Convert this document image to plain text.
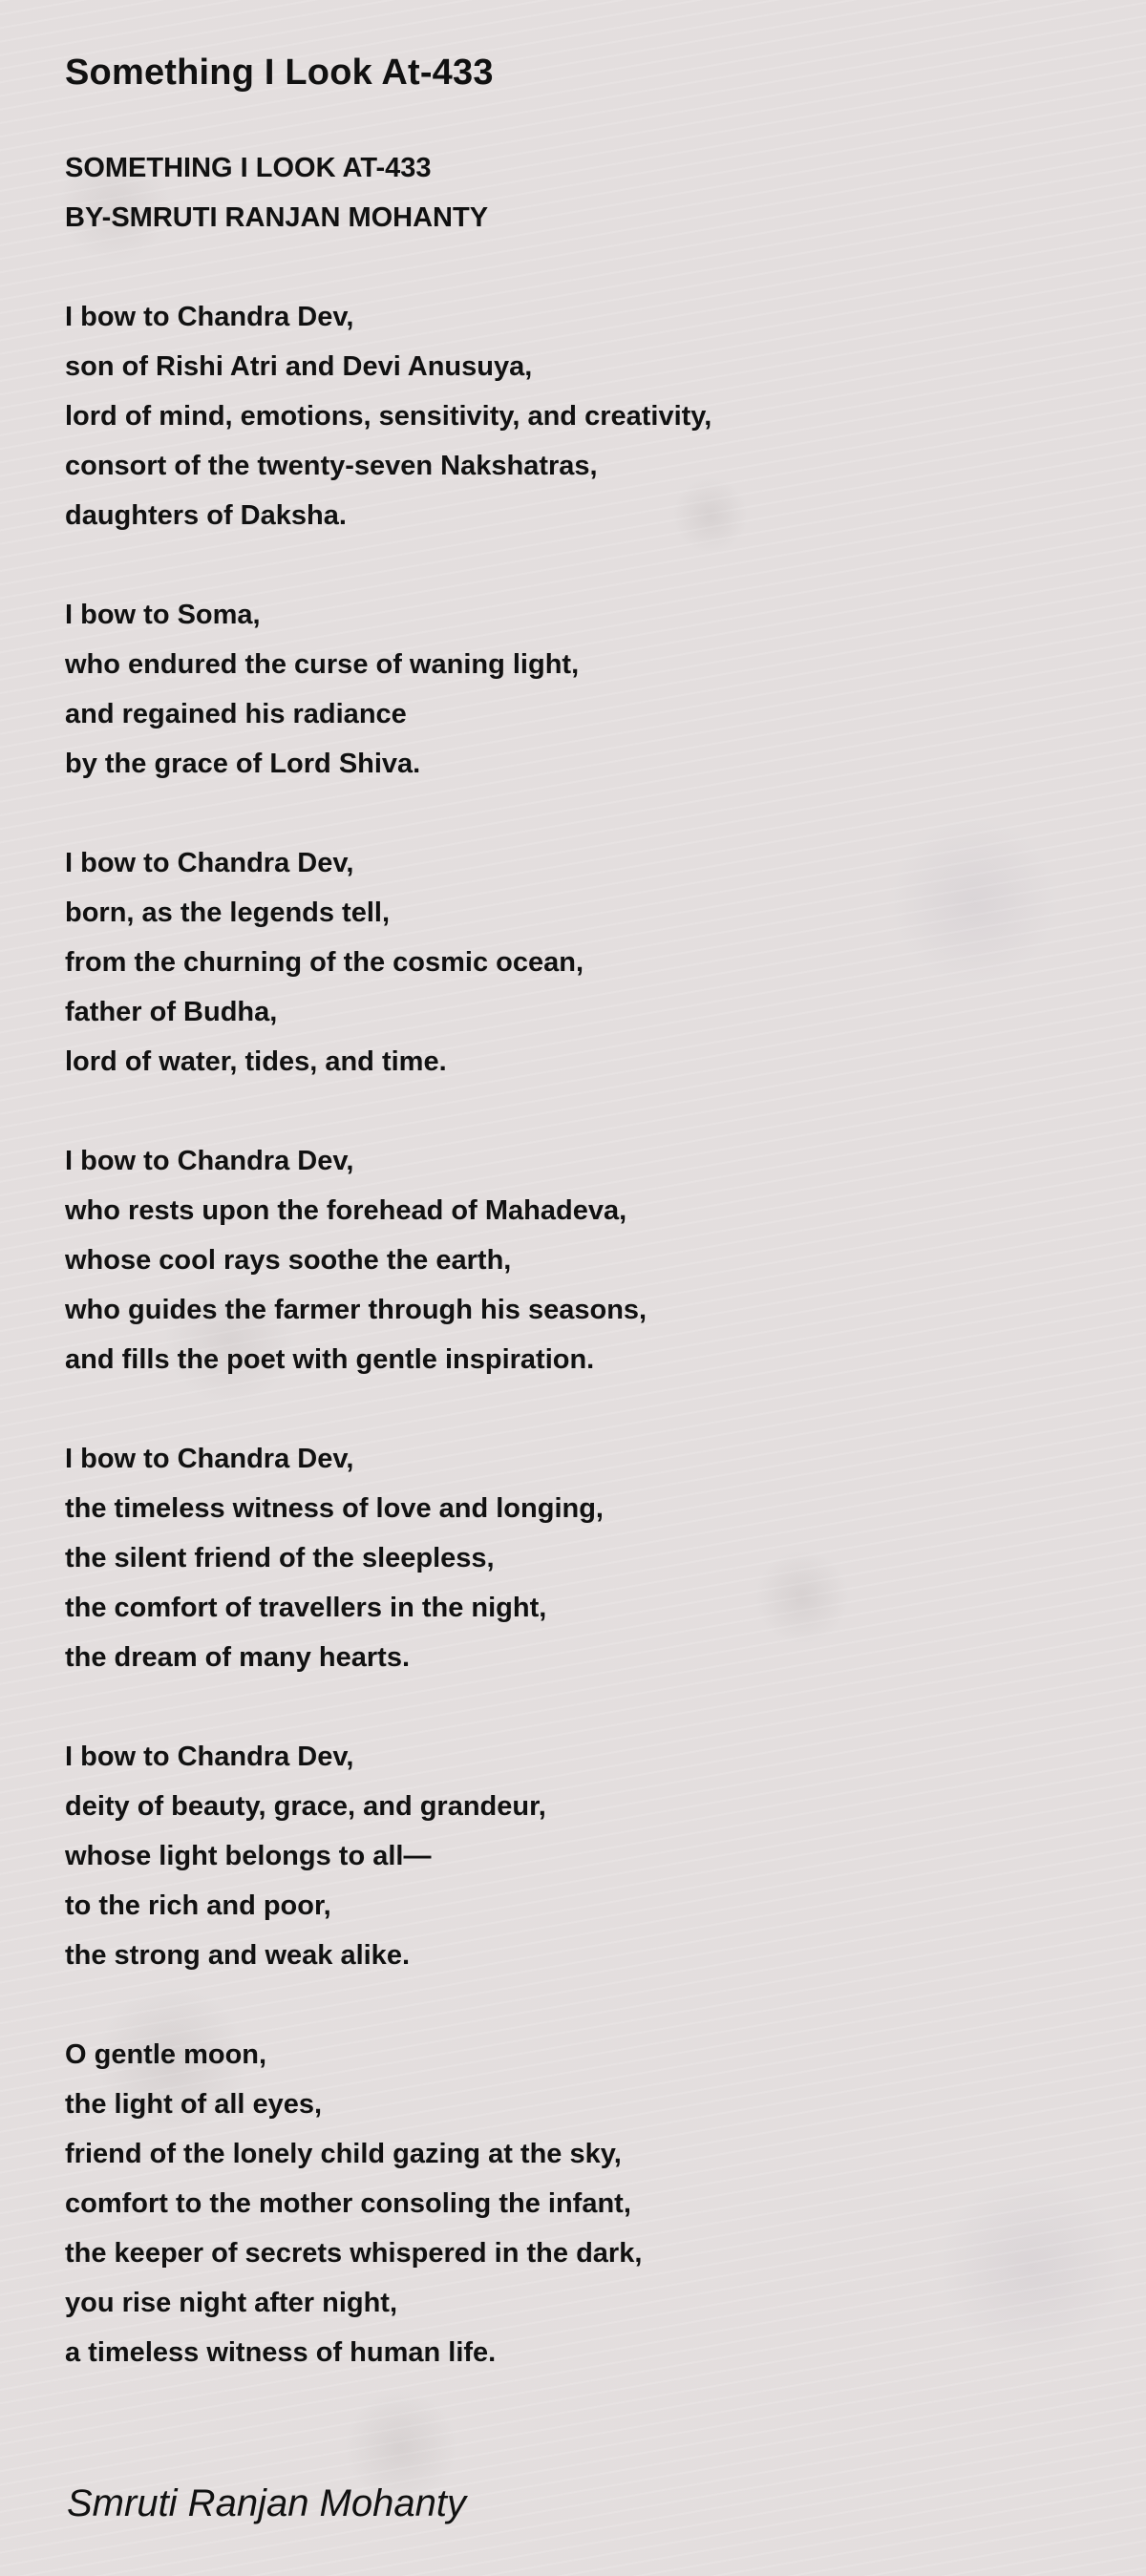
Something I Look At-433
SOMETHING I LOOK AT-433
BY-SMRUTI RANJAN MOHANTY
I bow to Chandra Dev,
son of Rishi Atri and Devi Anusuya,
lord of mind, emotions, sensitivity, and creativity,
consort of the twenty-seven Nakshatras,
daughters of Daksha.
I bow to Soma,
who endured the curse of waning light,
and regained his radiance
by the grace of Lord Shiva.
I bow to Chandra Dev,
born, as the legends tell,
from the churning of the cosmic ocean,
father of Budha,
lord of water, tides, and time.
I bow to Chandra Dev,
who rests upon the forehead of Mahadeva,
whose cool rays soothe the earth,
who guides the farmer through his seasons,
and fills the poet with gentle inspiration.
I bow to Chandra Dev,
the timeless witness of love and longing,
the silent friend of the sleepless,
the comfort of travellers in the night,
the dream of many hearts.
I bow to Chandra Dev,
deity of beauty, grace, and grandeur,
whose light belongs to all—
to the rich and poor,
the strong and weak alike.
O gentle moon,
the light of all eyes,
friend of the lonely child gazing at the sky,
comfort to the mother consoling the infant,
the keeper of secrets whispered in the dark,
you rise night after night,
a timeless witness of human life.

Smruti Ranjan Mohanty
